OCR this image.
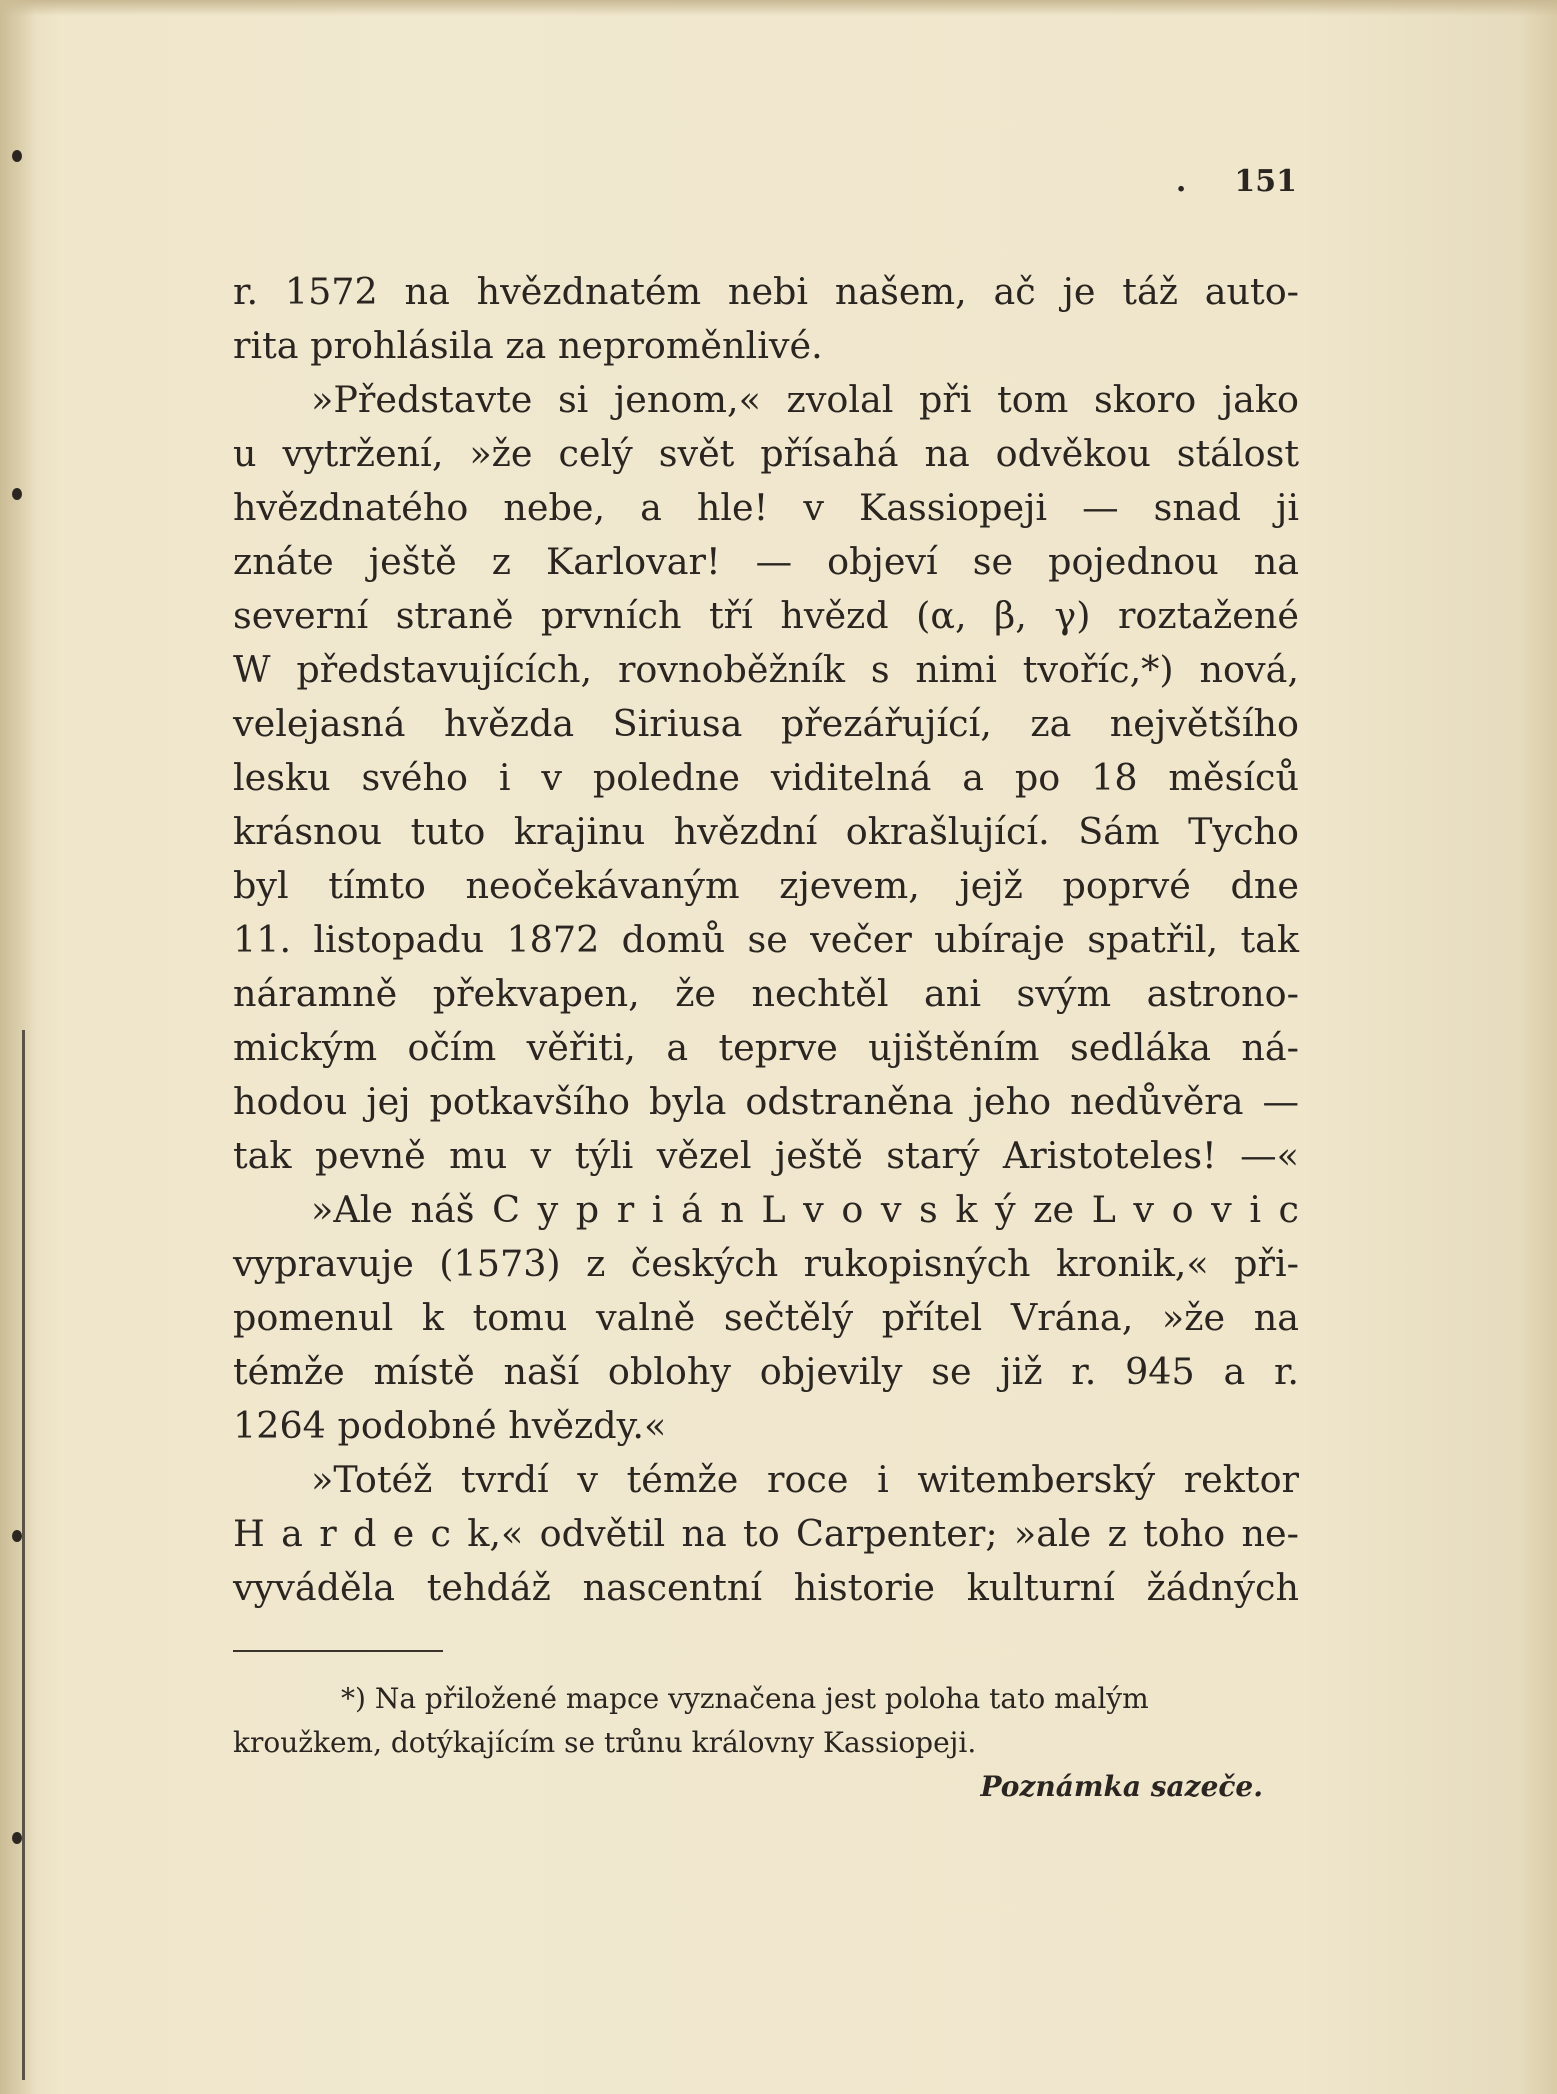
. 151
r. 1572 na hvězdnatém nebi našem, ač je táž auto-
rita prohlásila za neproměnlivé.
»Představte si jenom,« zvolal při tom skoro jako
u vytržení, »že celý svět přísahá na odvěkou stálost
hvězdnatého nebe, a hle! v Kassiopeji — snad ji
znáte ještě z Karlovar! — objeví se pojednou na
severní straně prvních tří hvězd (α, β, γ) roztažené
W představujících, rovnoběžník s nimi tvoříc,*) nová,
velejasná hvězda Siriusa přezářující, za největšího
lesku svého i v poledne viditelná a po 18 měsíců
krásnou tuto krajinu hvězdní okrašlující. Sám Tycho
byl tímto neočekávaným zjevem, jejž poprvé dne
11. listopadu 1872 domů se večer ubíraje spatřil, tak
náramně překvapen, že nechtěl ani svým astrono-
mickým očím věřiti, a teprve ujištěním sedláka ná-
hodou jej potkavšího byla odstraněna jeho nedůvěra —
tak pevně mu v týli vězel ještě starý Aristoteles! —«
»Ale náš C y p r i á n L v o v s k ý ze L v o v i c
vypravuje (1573) z českých rukopisných kronik,« při-
pomenul k tomu valně sečtělý přítel Vrána, »že na
témže místě naší oblohy objevily se již r. 945 a r.
1264 podobné hvězdy.«
»Totéž tvrdí v témže roce i witemberský rektor
H a r d e c k,« odvětil na to Carpenter; »ale z toho ne-
vyváděla tehdáž nascentní historie kulturní žádných
*) Na přiložené mapce vyznačena jest poloha tato malým
kroužkem, dotýkajícím se trůnu královny Kassiopeji.
Poznámka sazeče.
